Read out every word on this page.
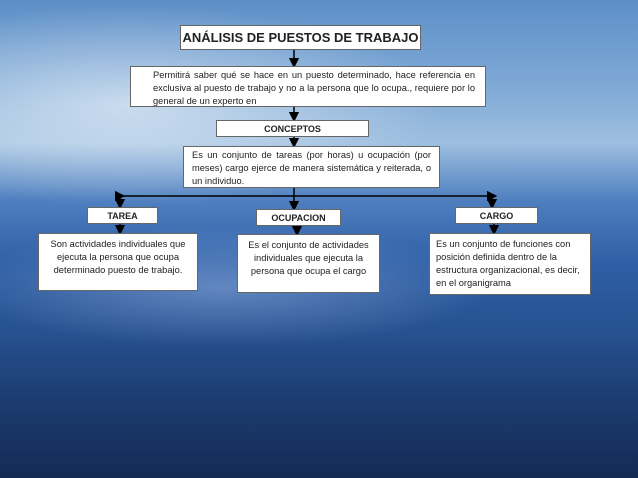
ANÁLISIS DE PUESTOS DE TRABAJO
Permitirá saber qué se hace en un puesto determinado, hace referencia en exclusiva al puesto de trabajo y no a la persona que lo ocupa., requiere por lo general de un experto en
CONCEPTOS
Es un conjunto de tareas (por horas) u ocupación (por meses) cargo ejerce de manera sistemática y reiterada, o un individuo.
TAREA	OCUPACION	CARGO
Son actividades individuales que ejecuta la persona que ocupa determinado puesto de trabajo.
Es el conjunto de actividades individuales que ejecuta la persona que ocupa el cargo
Es un conjunto de funciones con posición definida dentro de la estructura organizacional, es decir, en el organigrama
